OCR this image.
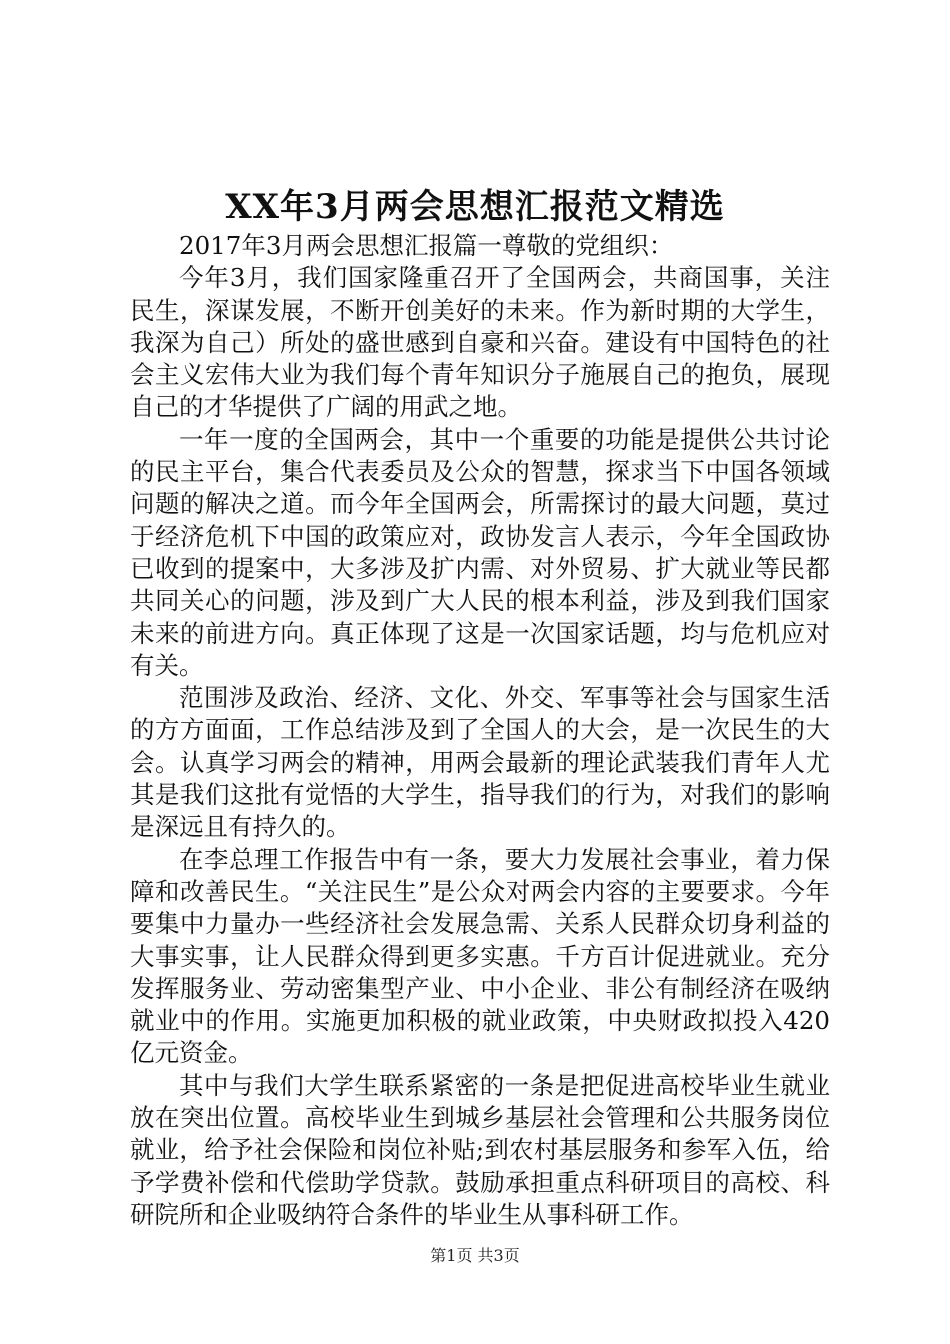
XX年3月两会思想汇报范文精选

2017年3月两会思想汇报篇一尊敬的党组织：

今年3月，我们国家隆重召开了全国两会，共商国事，关注民生，深谋发展，不断开创美好的未来。作为新时期的大学生，我深为自己）所处的盛世感到自豪和兴奋。建设有中国特色的社会主义宏伟大业为我们每个青年知识分子施展自己的抱负，展现自己的才华提供了广阔的用武之地。

一年一度的全国两会，其中一个重要的功能是提供公共讨论的民主平台，集合代表委员及公众的智慧，探求当下中国各领域问题的解决之道。而今年全国两会，所需探讨的最大问题，莫过于经济危机下中国的政策应对，政协发言人表示，今年全国政协已收到的提案中，大多涉及扩内需、对外贸易、扩大就业等民都共同关心的问题，涉及到广大人民的根本利益，涉及到我们国家未来的前进方向。真正体现了这是一次国家话题，均与危机应对有关。

范围涉及政治、经济、文化、外交、军事等社会与国家生活的方方面面，工作总结涉及到了全国人的大会，是一次民生的大会。认真学习两会的精神，用两会最新的理论武装我们青年人尤其是我们这批有觉悟的大学生，指导我们的行为，对我们的影响是深远且有持久的。

在李总理工作报告中有一条，要大力发展社会事业，着力保障和改善民生。“关注民生”是公众对两会内容的主要要求。今年要集中力量办一些经济社会发展急需、关系人民群众切身利益的大事实事，让人民群众得到更多实惠。千方百计促进就业。充分发挥服务业、劳动密集型产业、中小企业、非公有制经济在吸纳就业中的作用。实施更加积极的就业政策，中央财政拟投入420亿元资金。

其中与我们大学生联系紧密的一条是把促进高校毕业生就业放在突出位置。高校毕业生到城乡基层社会管理和公共服务岗位就业，给予社会保险和岗位补贴;到农村基层服务和参军入伍，给予学费补偿和代偿助学贷款。鼓励承担重点科研项目的高校、科研院所和企业吸纳符合条件的毕业生从事科研工作。

第1页 共3页
